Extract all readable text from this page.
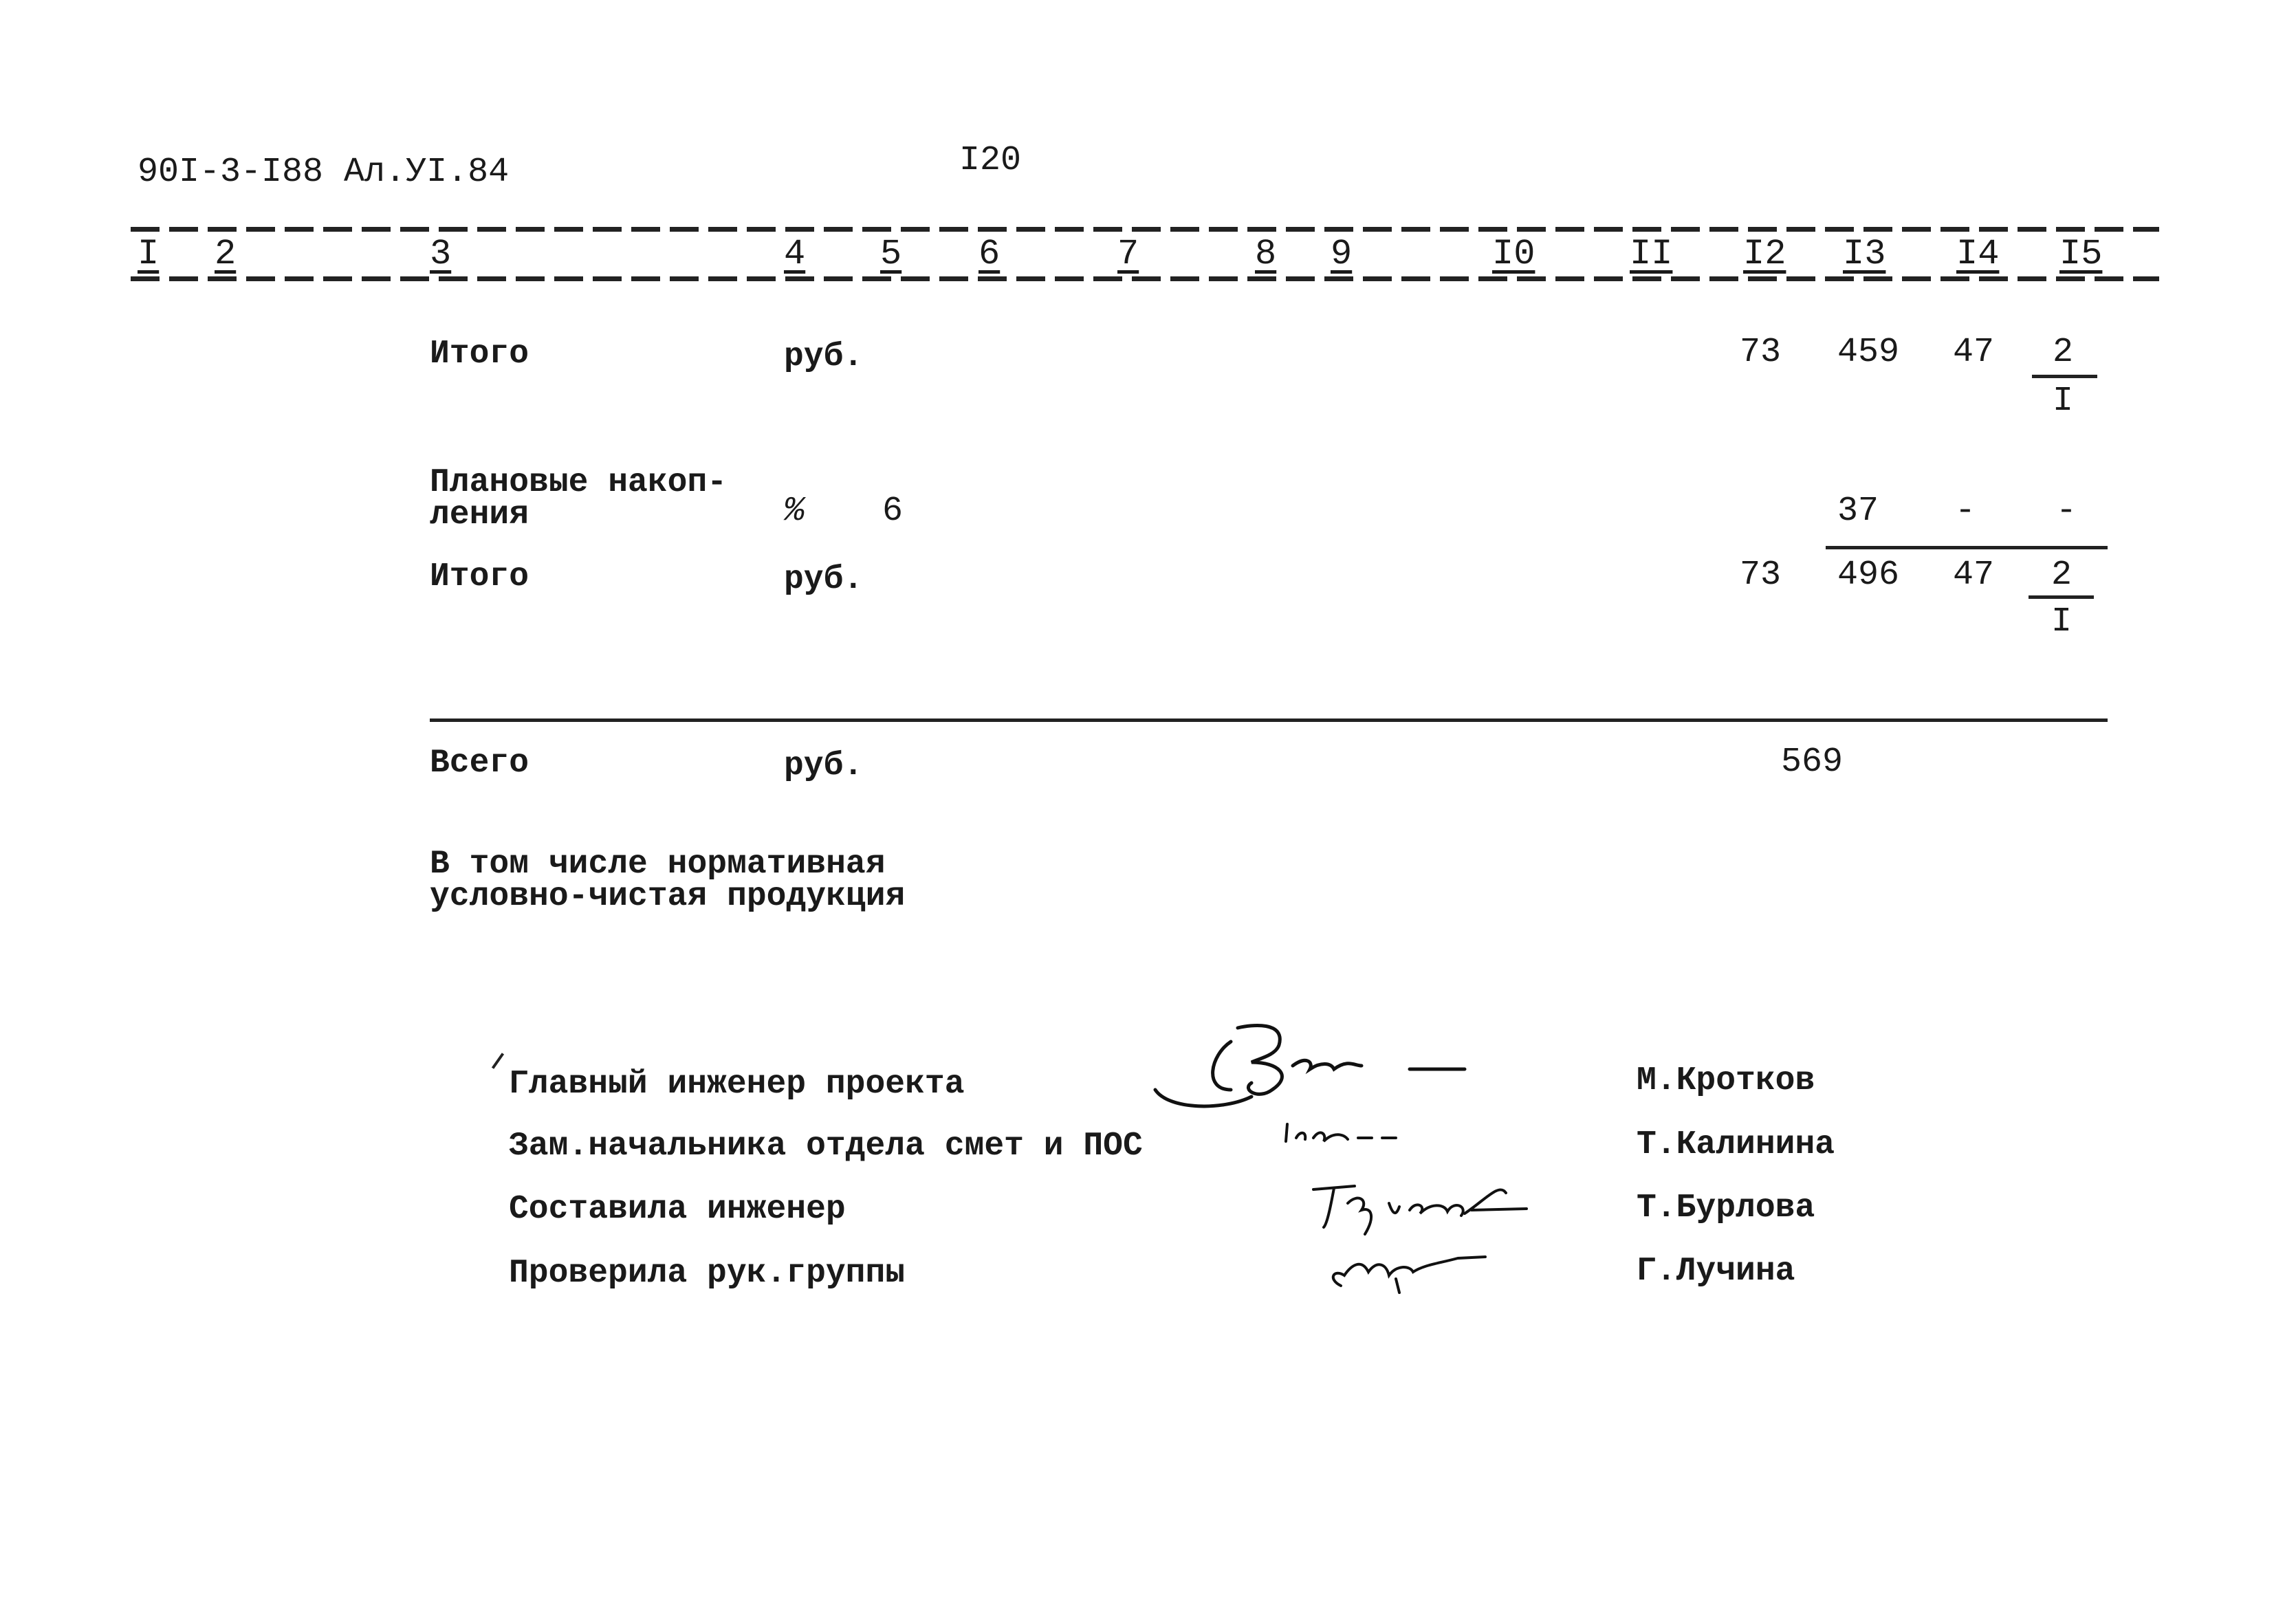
90I-3-I88 Ал.УI.84	I20
I 2	3	4 5 6	7	8 9	I0	II I2 I3 I4 I5
Итого	руб.	73 459 47 2
I
Плановые накоп-
ления	% 6	37 - -
Итого	руб.	73 496 47 2
I
Всего	руб.	569
В том числе нормативная
условно-чистая продукция
Главный инженер проекта	М.Кротков
Зам.начальника отдела смет и ПОС	Т.Калинина
Составила инженер	Т.Бурлова
Проверила рук.группы	Г.Лучина
